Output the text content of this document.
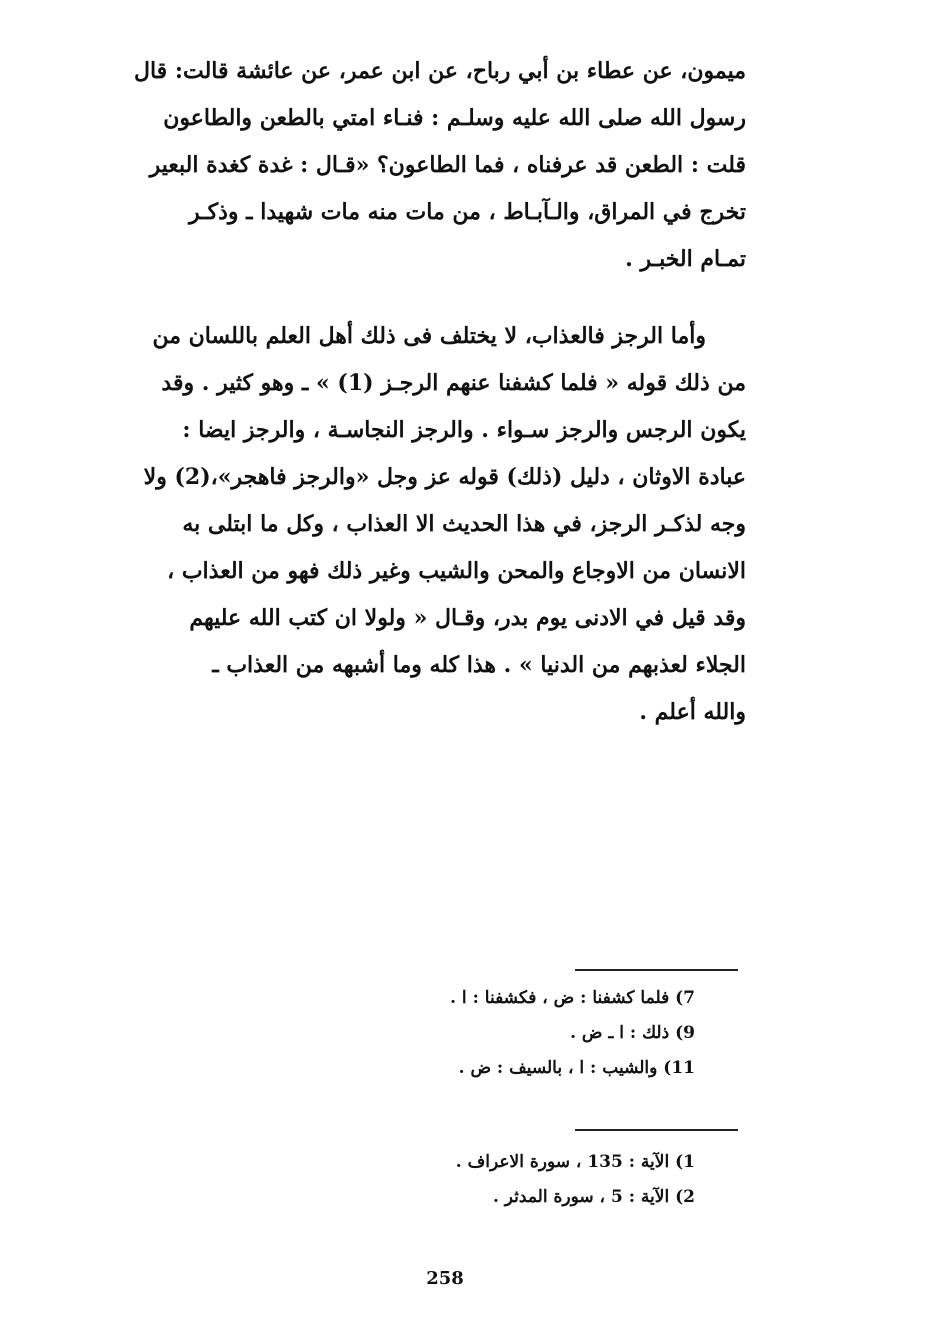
ميمون، عن عطاء بن أبي رباح، عن ابن عمر، عن عائشة قالت: قال
رسول الله صلى الله عليه وسلـم : فنـاء امتي بالطعن والطاعون
قلت : الطعن قد عرفناه ، فما الطاعون؟ «قـال : غدة كغدة البعير
تخرج في المراق، والـآبـاط ، من مات منه مات شهيدا ـ وذكـر
تمـام الخبـر .
وأما الرجز فالعذاب، لا يختلف فى ذلك أهل العلم باللسان من
من ذلك قوله « فلما كشفنا عنهم الرجـز (1) » ـ وهو كثير . وقد
يكون الرجس والرجز سـواء . والرجز النجاسـة ، والرجز ايضا :
عبادة الاوثان ، دليل (ذلك) قوله عز وجل «والرجز فاهجر»،(2) ولا
وجه لذكـر الرجز، في هذا الحديث الا العذاب ، وكل ما ابتلى به
الانسان من الاوجاع والمحن والشيب وغير ذلك فهو من العذاب ،
وقد قيل في الادنى يوم بدر، وقـال « ولولا ان كتب الله عليهم
الجلاء لعذبهم من الدنيا » . هذا كله وما أشبهه من العذاب ـ
والله أعلم .
7) فلما كشفنا : ض ، فكشفنا : ا .
9) ذلك : ا ـ ض .
11) والشيب : ا ، بالسيف : ض .
1) الآية : 135 ، سورة الاعراف .
2) الآية : 5 ، سورة المدثر .
258
